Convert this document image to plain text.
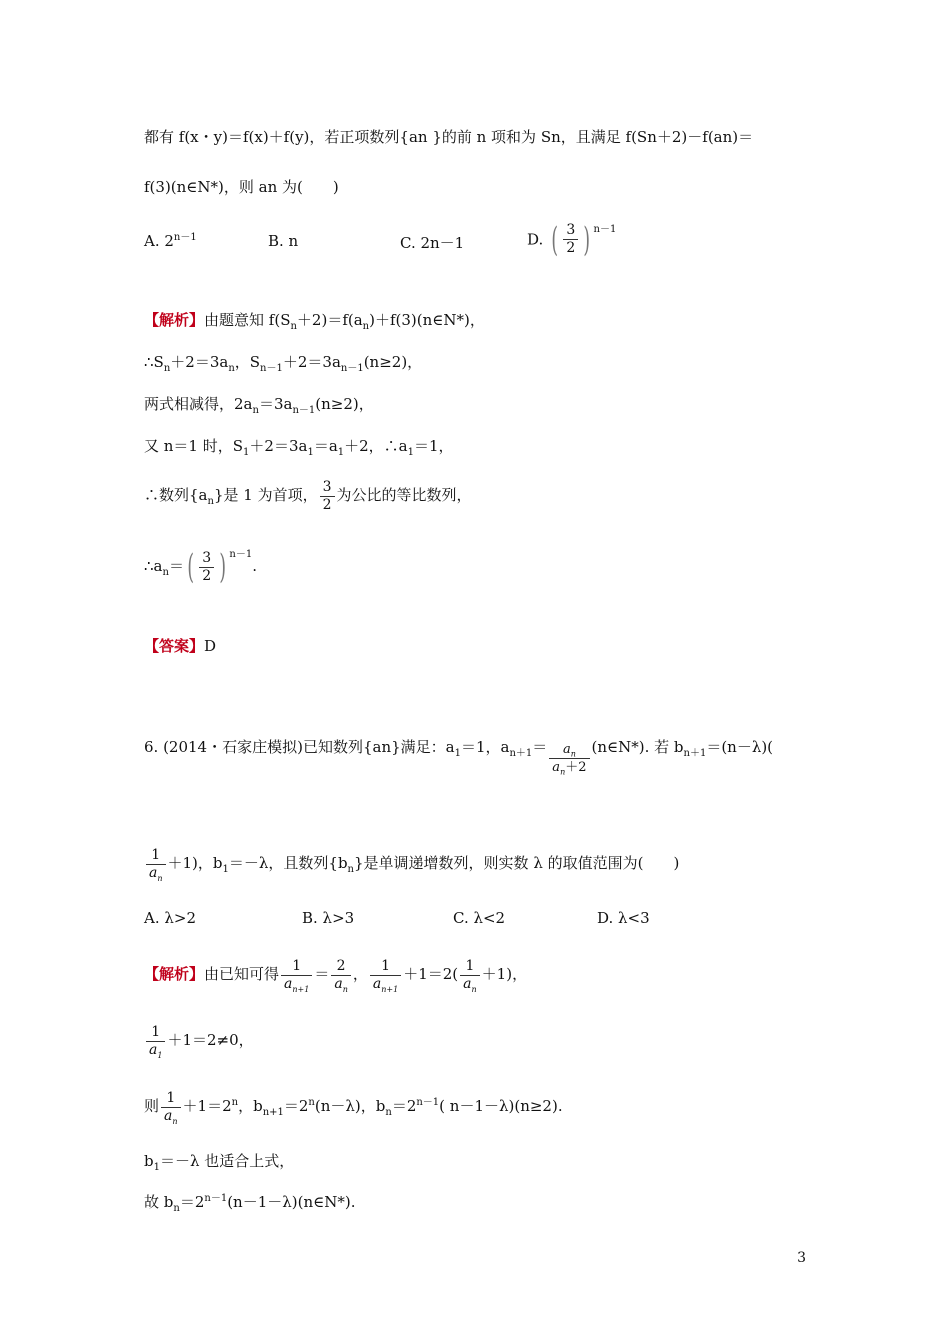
都有 f(x・y)＝f(x)＋f(y)，若正项数列{an }的前 n 项和为 Sn，且满足 f(Sn＋2)－f(an)＝
f(3)(n∈N*)，则 an 为(　　)
A. $2^{n-1}$	B. n	C. 2n－1	D. ( $\frac{3}{2}$ ) $^{n-1}$
【解析】由题意知 $f(S_n+2)=f(a_n)+f(3)(n\in N*)$，
$\therefore S_n+2=3a_n$，$S_{n-1}+2=3a_{n-1}(n\ge 2)$，
两式相减得，$2a_n=3a_{n-1}(n\ge 2)$，
又 n＝1 时，$S_1+2=3a_1=a_1+2$，$\therefore a_1=1$，
∴数列$\{a_n\}$是 1 为首项， $\frac{3}{2}$ 为公比的等比数列，
$\therefore a_n=( \frac{3}{2}$ ) $^{n-1}$.
【答案】D
6. (2014・石家庄模拟)已知数列{an}满足：$a_1=1$，$a_{n+1}= \frac{a_n}{a_n+2}$ (n∈N*). 若 $b_{n+1}=(n-\lambda)$(
$\frac{1}{a_n} +1$)，$b_1=-\lambda$，且数列$\{b_n\}$是单调递增数列，则实数 λ 的取值范围为(　　)
A. λ>2	B. λ>3	C. λ<2	D. λ<3
【解析】由已知可得 $\frac{1}{a_{n+1}} = \frac{2}{a_n}$ ， $\frac{1}{a_{n+1}} +1=2( \frac{1}{a_n} +1)$，
$\frac{1}{a_1} +1=2\ne 0$，
则 $\frac{1}{a_n} +1=2^n$，$b_{n+1}=2^n(n-\lambda)$，$b_n=2^{n-1}$( n－1－λ)(n≥2).
$b_1=-\lambda$ 也适合上式，
故 $b_n=2^{n-1}(n-1-\lambda)(n\in N*)$.
3
